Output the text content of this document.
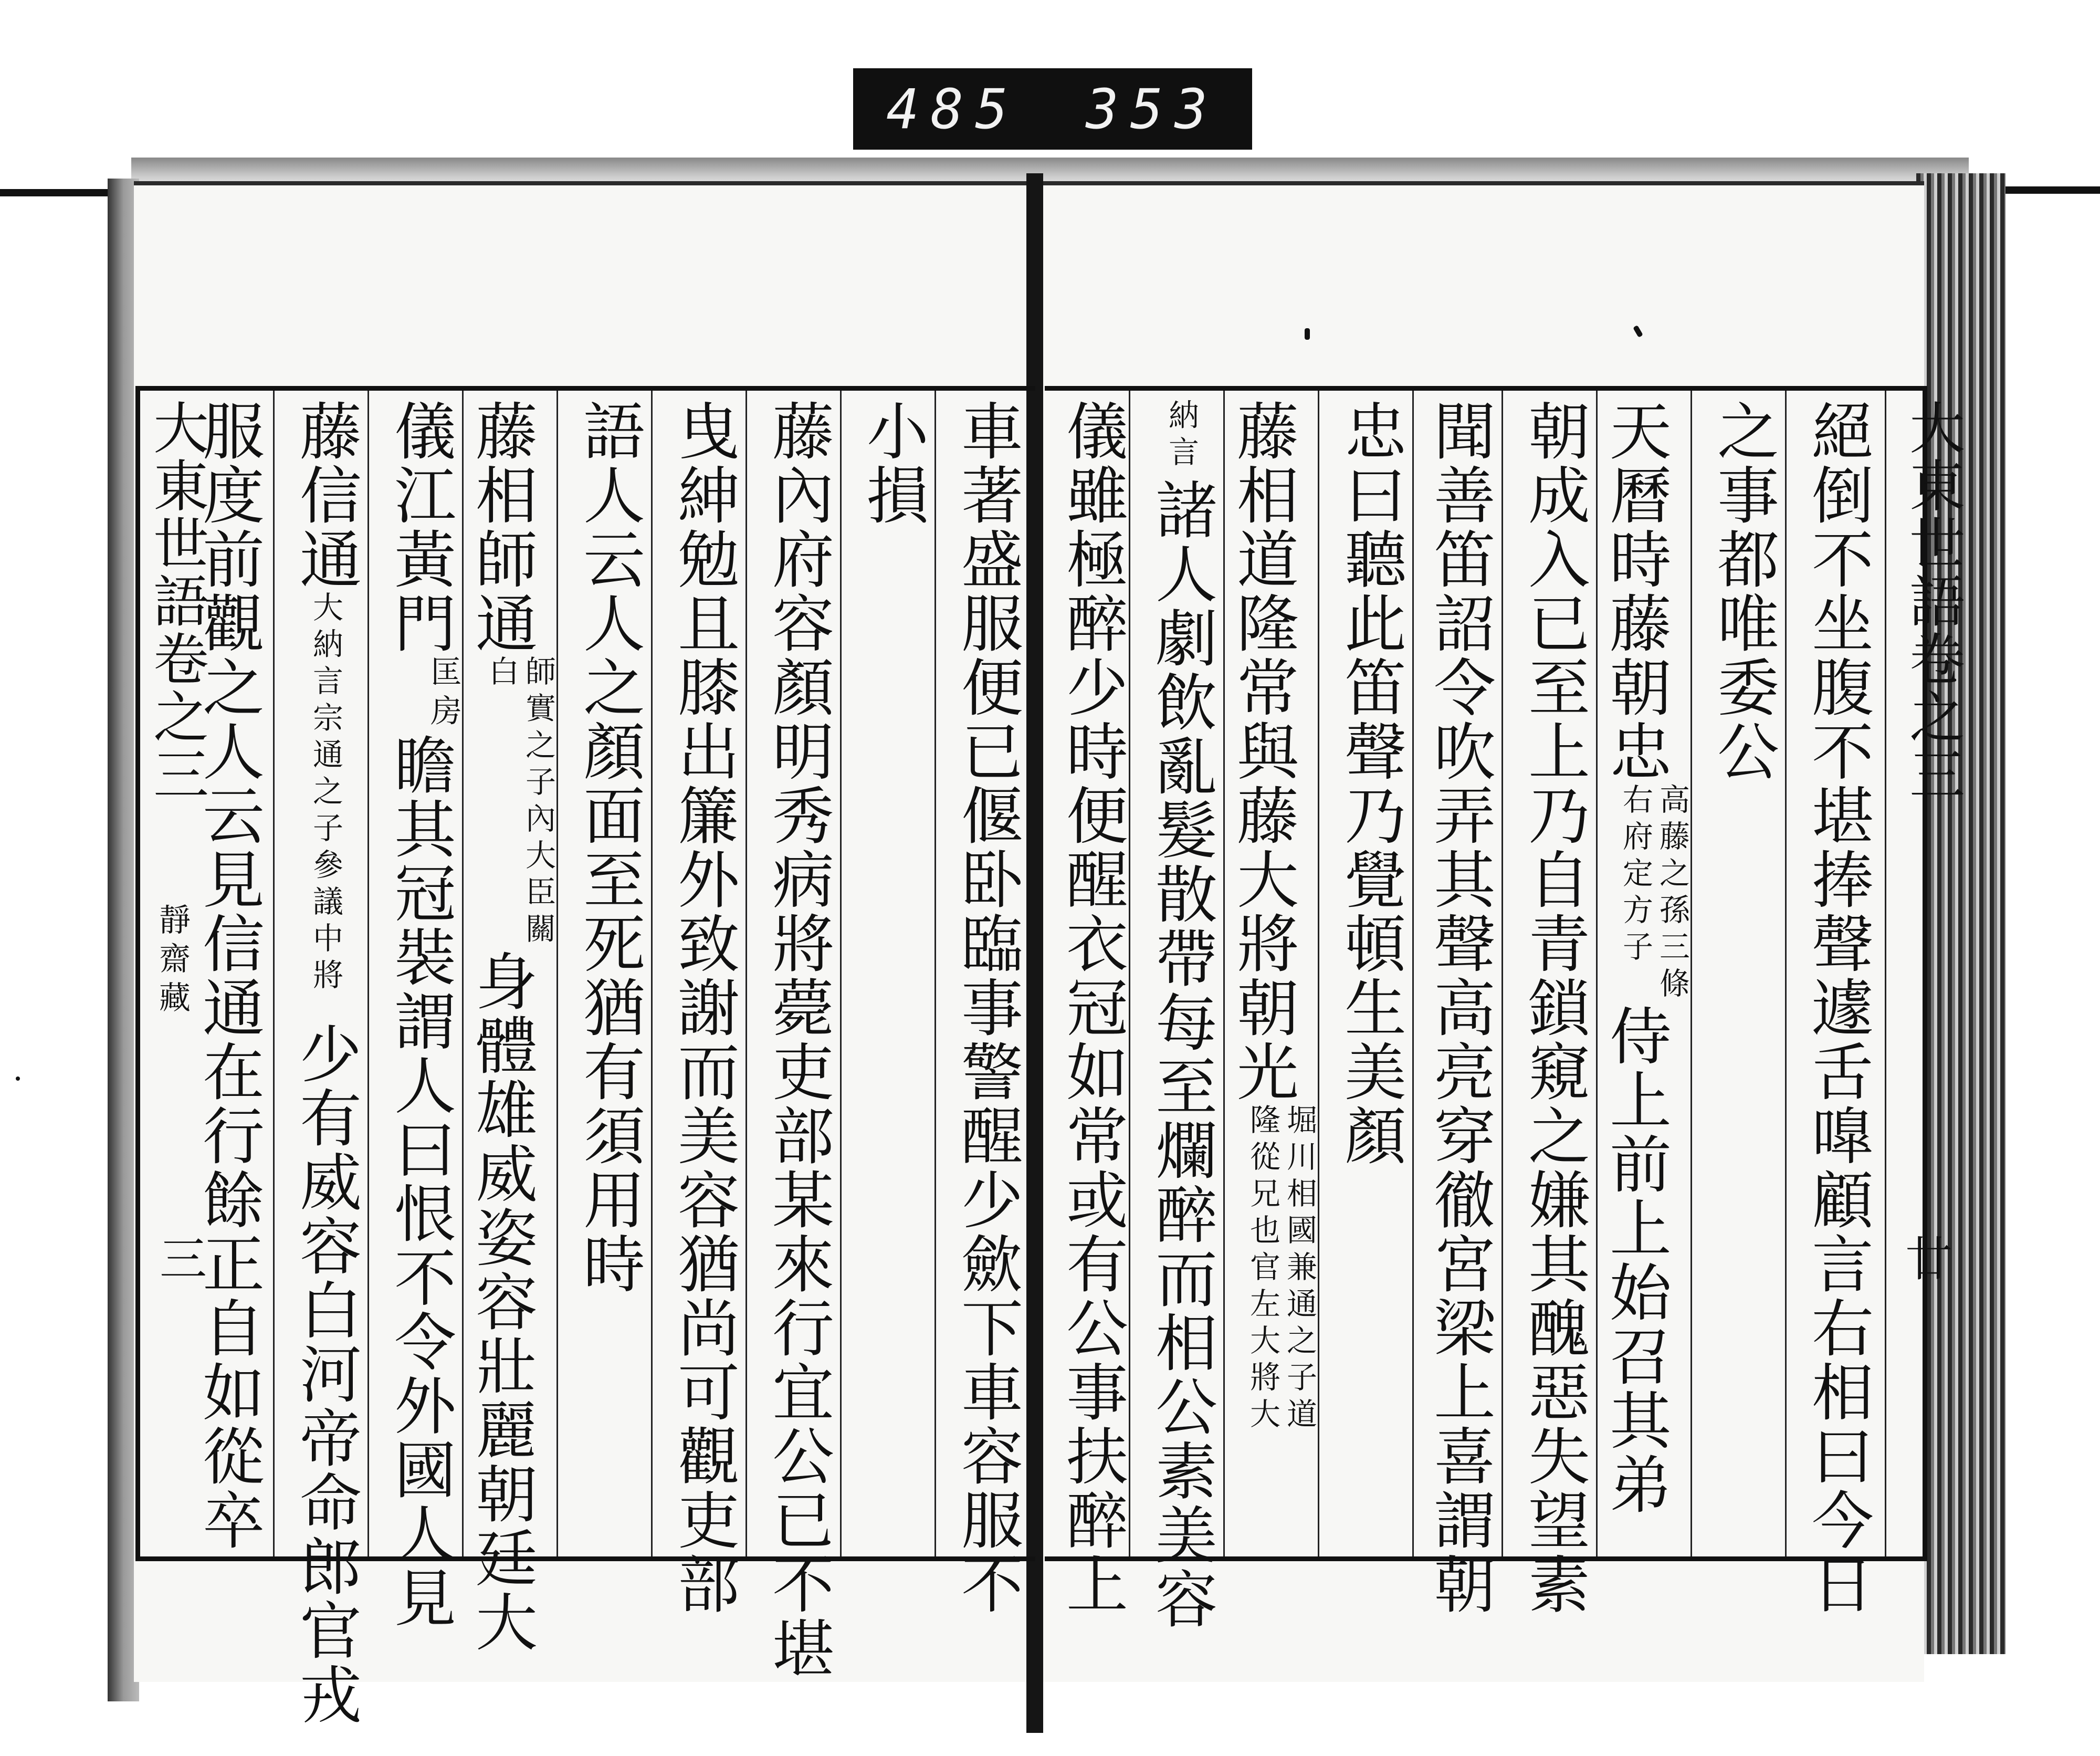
485 353
大東世語卷之三
靜齋藏
三
服度前觀之人云見信通在行餘正自如從卒 藤信通大納言宗通之子參議中將少有威容白河帝命郎官戎
儀江黃門匡房瞻其冠裝謂人曰恨不令外國人見
藤相師通師實之子內大臣關白身體雄威姿容壯麗朝廷大
語人云人之顏面至死猶有須用時 藤內府容顏明秀病將薨吏部某來行宜公已不堪
曳紳勉且膝出簾外致謝而美容猶尚可觀吏部 小損 車著盛服便已偃卧臨事警醒少歛下車容服不 儀雖極醉少時便醒衣冠如常或有公事扶醉上	納言諸人劇飲亂髮散帶每至爛醉而相公素美容 藤相道隆常與藤大將朝光堀川相國兼通之子道隆從兄也官左大將大
忠曰聽此笛聲乃覺頓生美顏 聞善笛詔令吹弄其聲高亮穿徹宮梁上喜謂朝 朝成入已至上乃自青鎖窺之嫌其醜惡失望素 天曆時藤朝忠高藤之孫三條右府定方子侍上前上始召其弟
之事都唯委公 絕倒不坐腹不堪捧聲遽舌嘷顧言右相曰今日 大東世語卷之三
廿
